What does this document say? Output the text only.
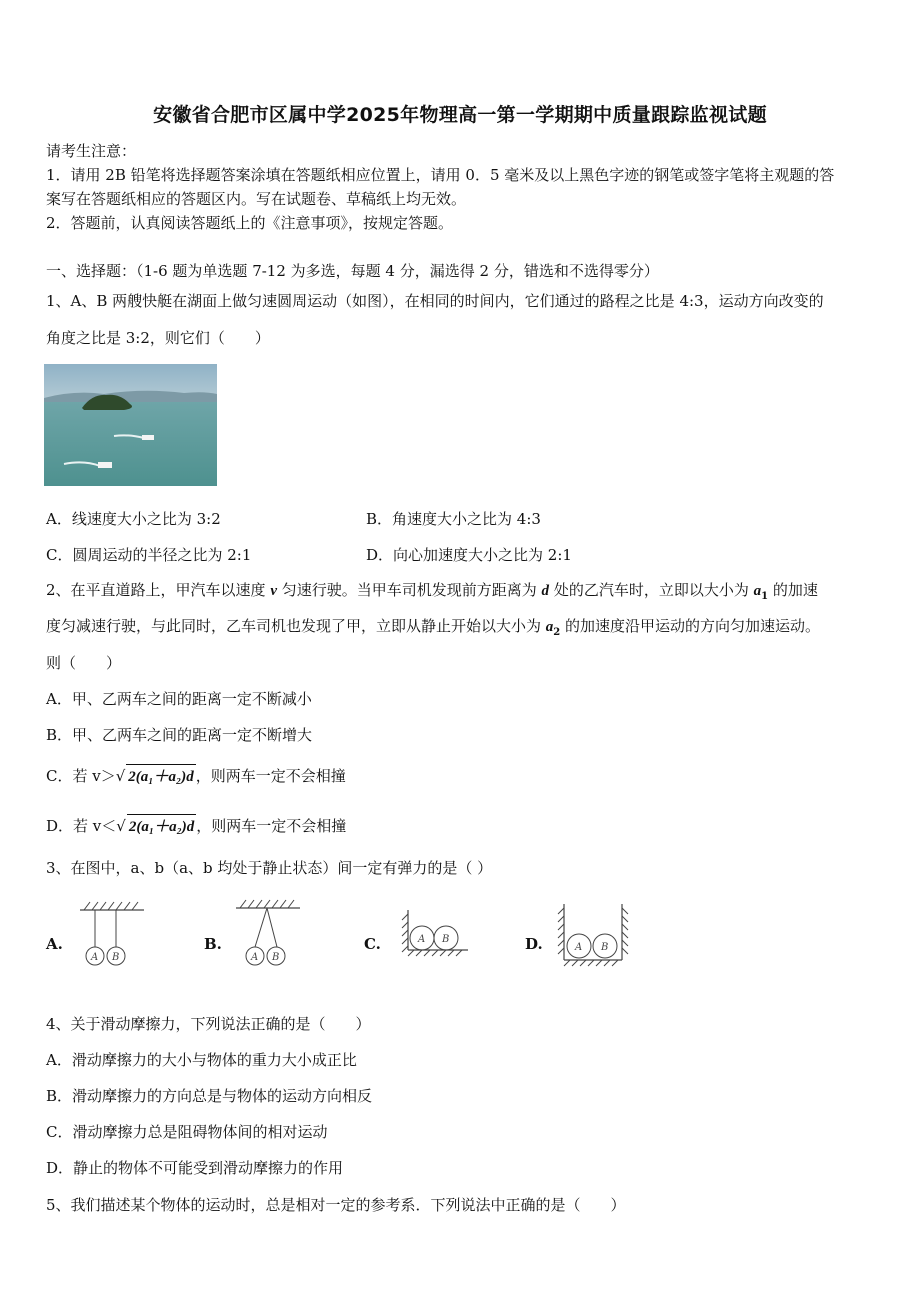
安徽省合肥市区属中学2025年物理高一第一学期期中质量跟踪监视试题
请考生注意：
1．请用 2B 铅笔将选择题答案涂填在答题纸相应位置上，请用 0．5 毫米及以上黑色字迹的钢笔或签字笔将主观题的答
案写在答题纸相应的答题区内。写在试题卷、草稿纸上均无效。
2．答题前，认真阅读答题纸上的《注意事项》，按规定答题。
一、选择题：（1-6 题为单选题 7-12 为多选，每题 4 分，漏选得 2 分，错选和不选得零分）
1、A、B 两艘快艇在湖面上做匀速圆周运动（如图），在相同的时间内，它们通过的路程之比是 4:3，运动方向改变的
角度之比是 3:2，则它们（　　）
A．线速度大小之比为 3:2	B．角速度大小之比为 4:3
C．圆周运动的半径之比为 2:1	D．向心加速度大小之比为 2:1
2、在平直道路上，甲汽车以速度 v 匀速行驶。当甲车司机发现前方距离为 d 处的乙汽车时，立即以大小为 $a_1$ 的加速
度匀减速行驶，与此同时，乙车司机也发现了甲，立即从静止开始以大小为 $a_2$ 的加速度沿甲运动的方向匀加速运动。
则（　　）
A．甲、乙两车之间的距离一定不断减小
B．甲、乙两车之间的距离一定不断增大
C．若 v＞√ 2(a₁＋a₂)d ，则两车一定不会相撞
D．若 v＜√ 2(a₁＋a₂)d ，则两车一定不会相撞
3、在图中，a、b（a、b 均处于静止状态）间一定有弹力的是（ ）
A.
A B
B.
A B
C.	A B	D.	A B
4、关于滑动摩擦力，下列说法正确的是（　　）
A．滑动摩擦力的大小与物体的重力大小成正比
B．滑动摩擦力的方向总是与物体的运动方向相反
C．滑动摩擦力总是阻碍物体间的相对运动
D．静止的物体不可能受到滑动摩擦力的作用
5、我们描述某个物体的运动时，总是相对一定的参考系．下列说法中正确的是（　　）
